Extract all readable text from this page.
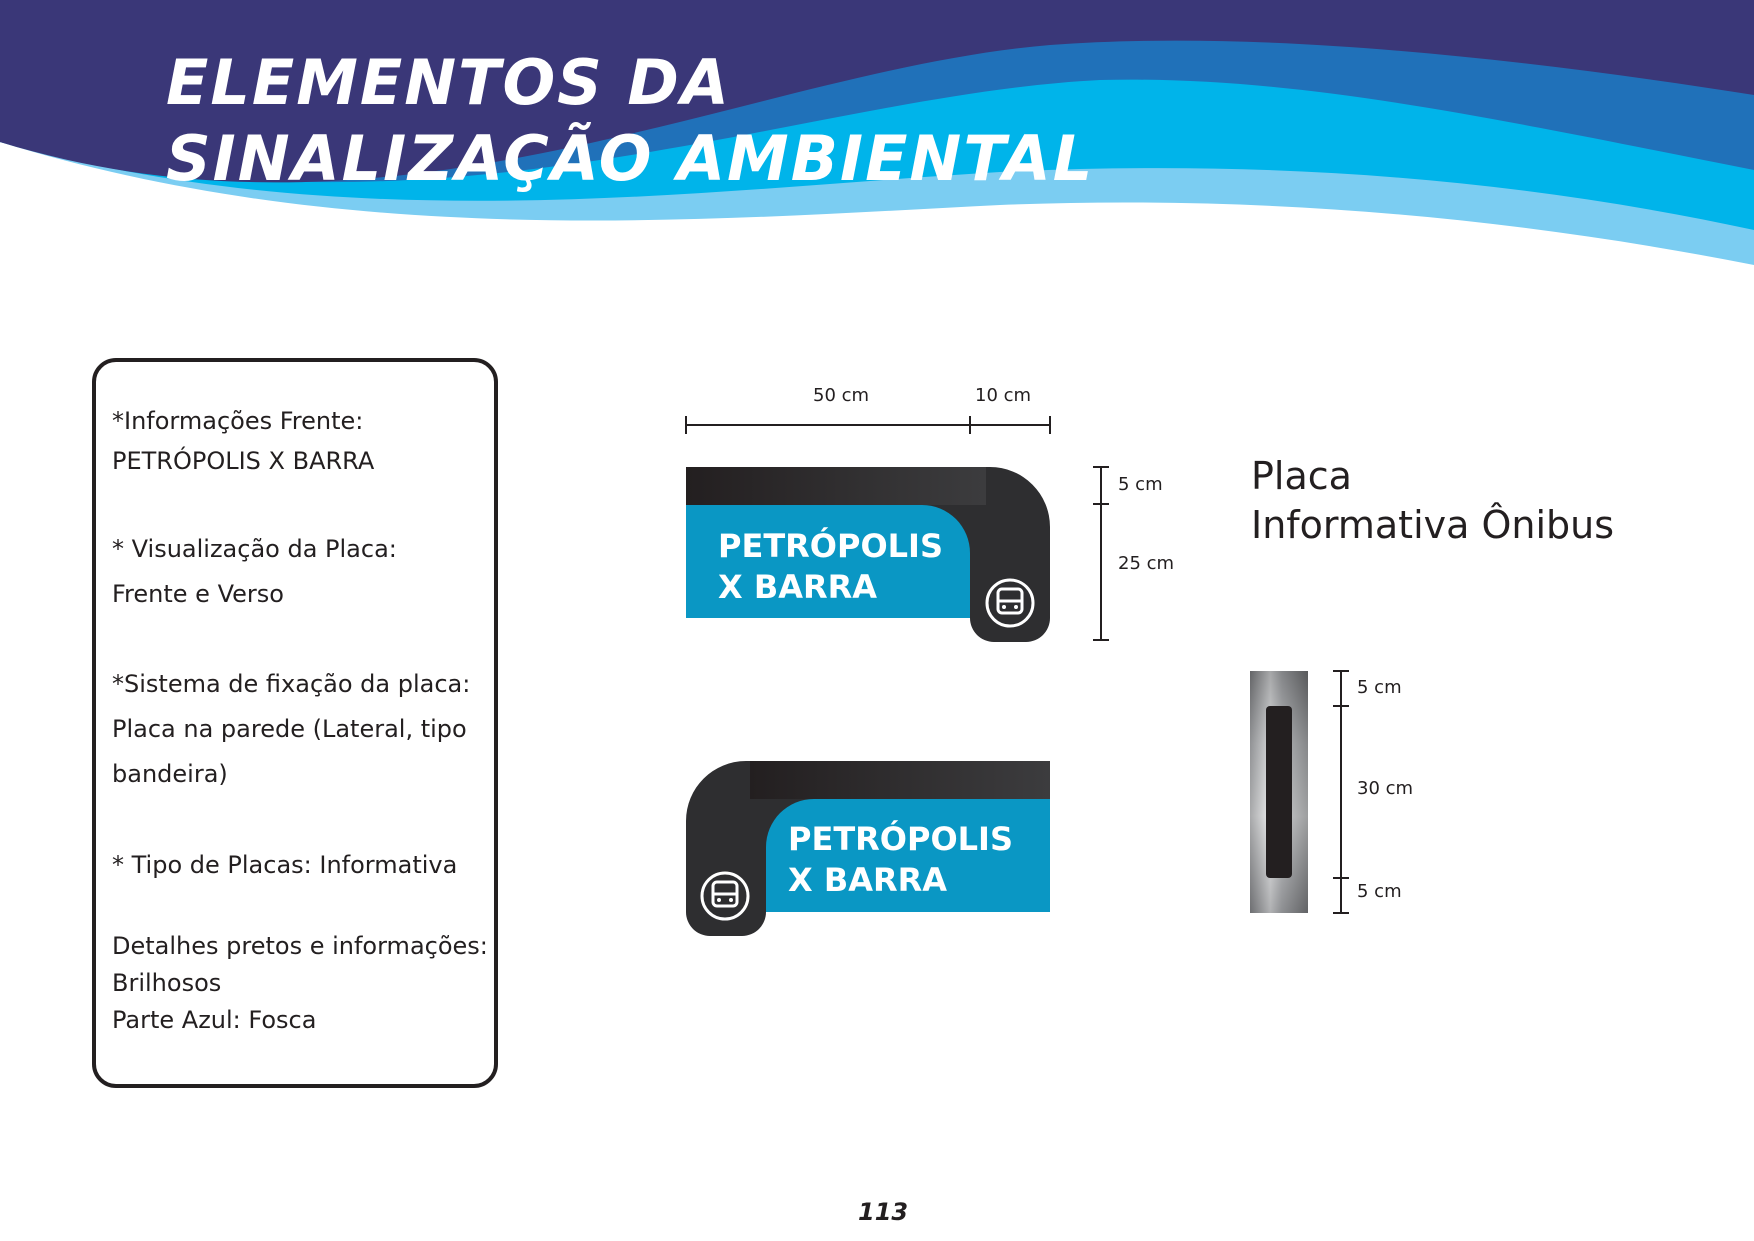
ELEMENTOS DA
SINALIZAÇÃO AMBIENTAL
*Informações Frente:
PETRÓPOLIS X BARRA
* Visualização da Placa:
Frente e Verso
*Sistema de fixação da placa:
Placa na parede (Lateral, tipo
bandeira)
* Tipo de Placas: Informativa
Detalhes pretos e informações:
Brilhosos
Parte Azul: Fosca
50 cm	10 cm
5 cm
25 cm
5 cm
30 cm
5 cm
PETRÓPOLIS
X BARRA
PETRÓPOLIS
X BARRA
Placa
Informativa Ônibus
113
